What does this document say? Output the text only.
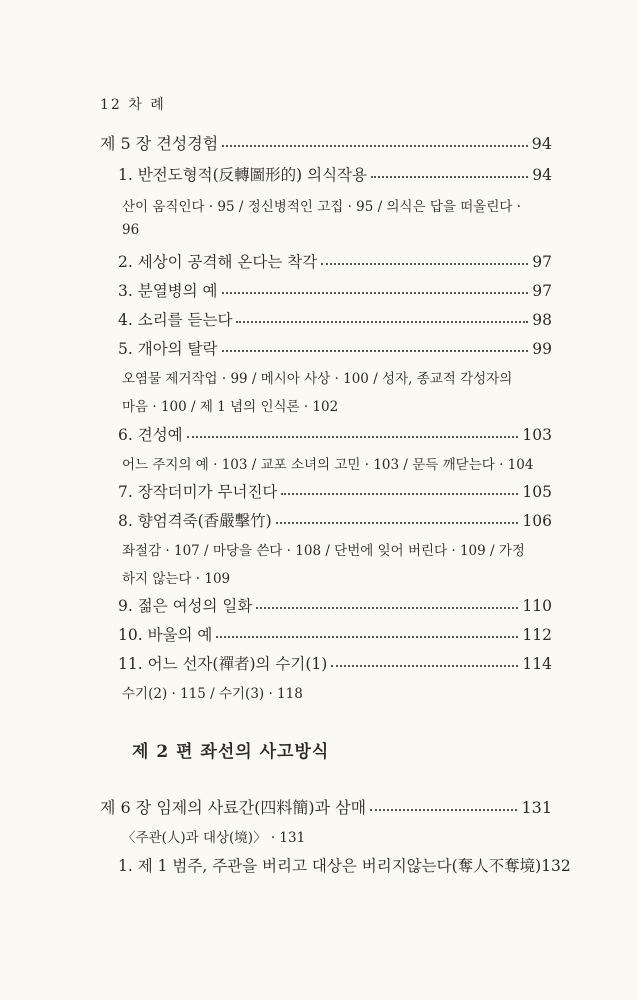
12 차 례
제 5 장 견성경험	94
1. 반전도형적(反轉圖形的) 의식작용	94
산이 움직인다 · 95 / 정신병적인 고집 · 95 / 의식은 답을 떠올린다 ·
96
2. 세상이 공격해 온다는 착각	97
3. 분열병의 예	97
4. 소리를 듣는다	98
5. 개아의 탈락	99
오염물 제거작업 · 99 / 메시아 사상 · 100 / 성자, 종교적 각성자의
마음 · 100 / 제 1 념의 인식론 · 102
6. 견성예	103
어느 주지의 예 · 103 / 교포 소녀의 고민 · 103 / 문득 깨닫는다 · 104
7. 장작더미가 무너진다	105
8. 향엄격죽(香嚴擊竹)	106
좌절감 · 107 / 마당을 쓴다 · 108 / 단번에 잊어 버린다 · 109 / 가정
하지 않는다 · 109
9. 젊은 여성의 일화	110
10. 바울의 예	112
11. 어느 선자(禪者)의 수기(1)	114
수기(2) · 115 / 수기(3) · 118
제 2 편 좌선의 사고방식
제 6 장 임제의 사료간(四料簡)과 삼매	131
〈주관(人)과 대상(境)〉 · 131
1. 제 1 범주, 주관을 버리고 대상은 버리지않는다(奪人不奪境) 132
